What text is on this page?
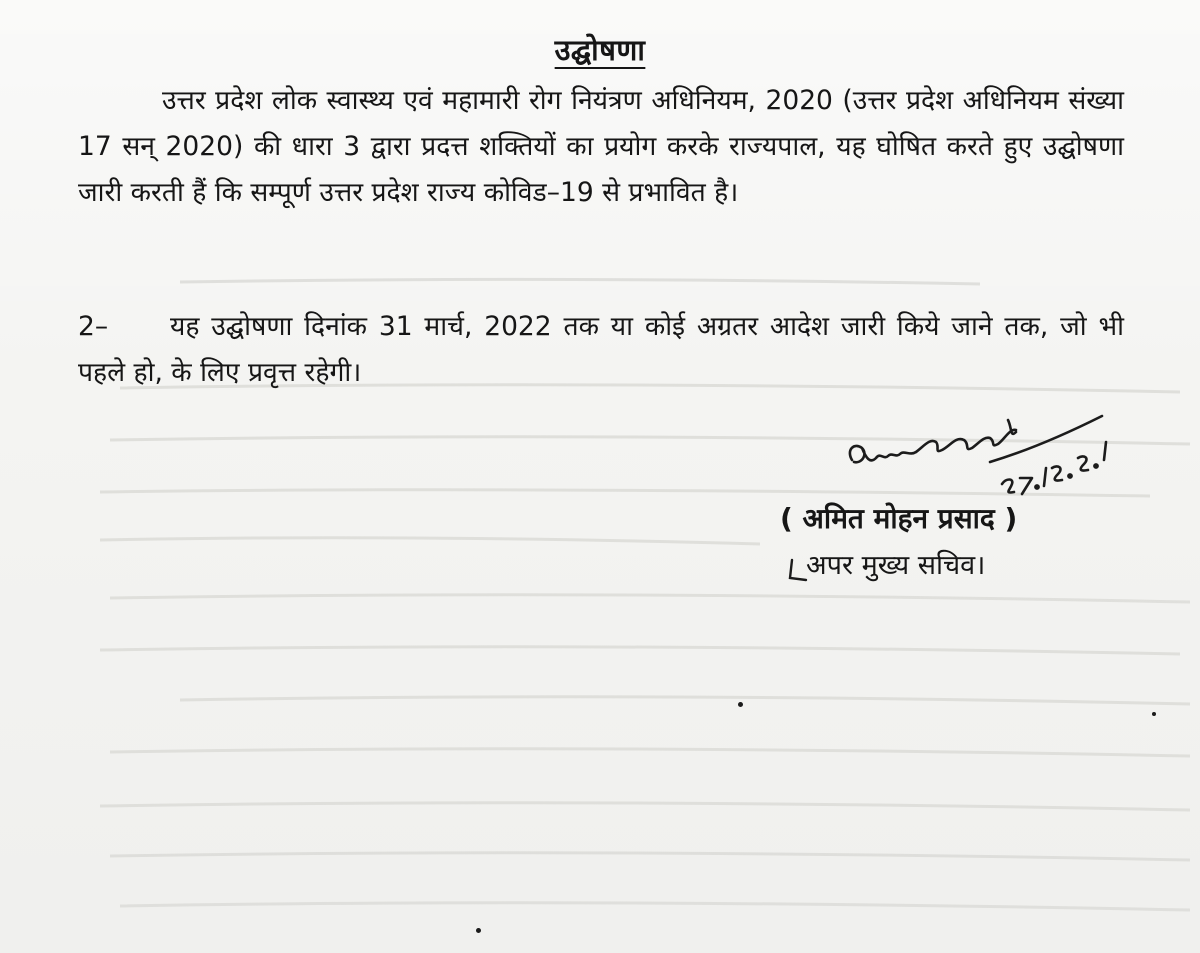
उद्घोषणा
उत्तर प्रदेश लोक स्वास्थ्य एवं महामारी रोग नियंत्रण अधिनियम, 2020 (उत्तर प्रदेश अधिनियम संख्या 17 सन् 2020) की धारा 3 द्वारा प्रदत्त शक्तियों का प्रयोग करके राज्यपाल, यह घोषित करते हुए उद्घोषणा जारी करती हैं कि सम्पूर्ण उत्तर प्रदेश राज्य कोविड–19 से प्रभावित है।
2– यह उद्घोषणा दिनांक 31 मार्च, 2022 तक या कोई अग्रतर आदेश जारी किये जाने तक, जो भी पहले हो, के लिए प्रवृत्त रहेगी।
( अमित मोहन प्रसाद )
अपर मुख्य सचिव।
